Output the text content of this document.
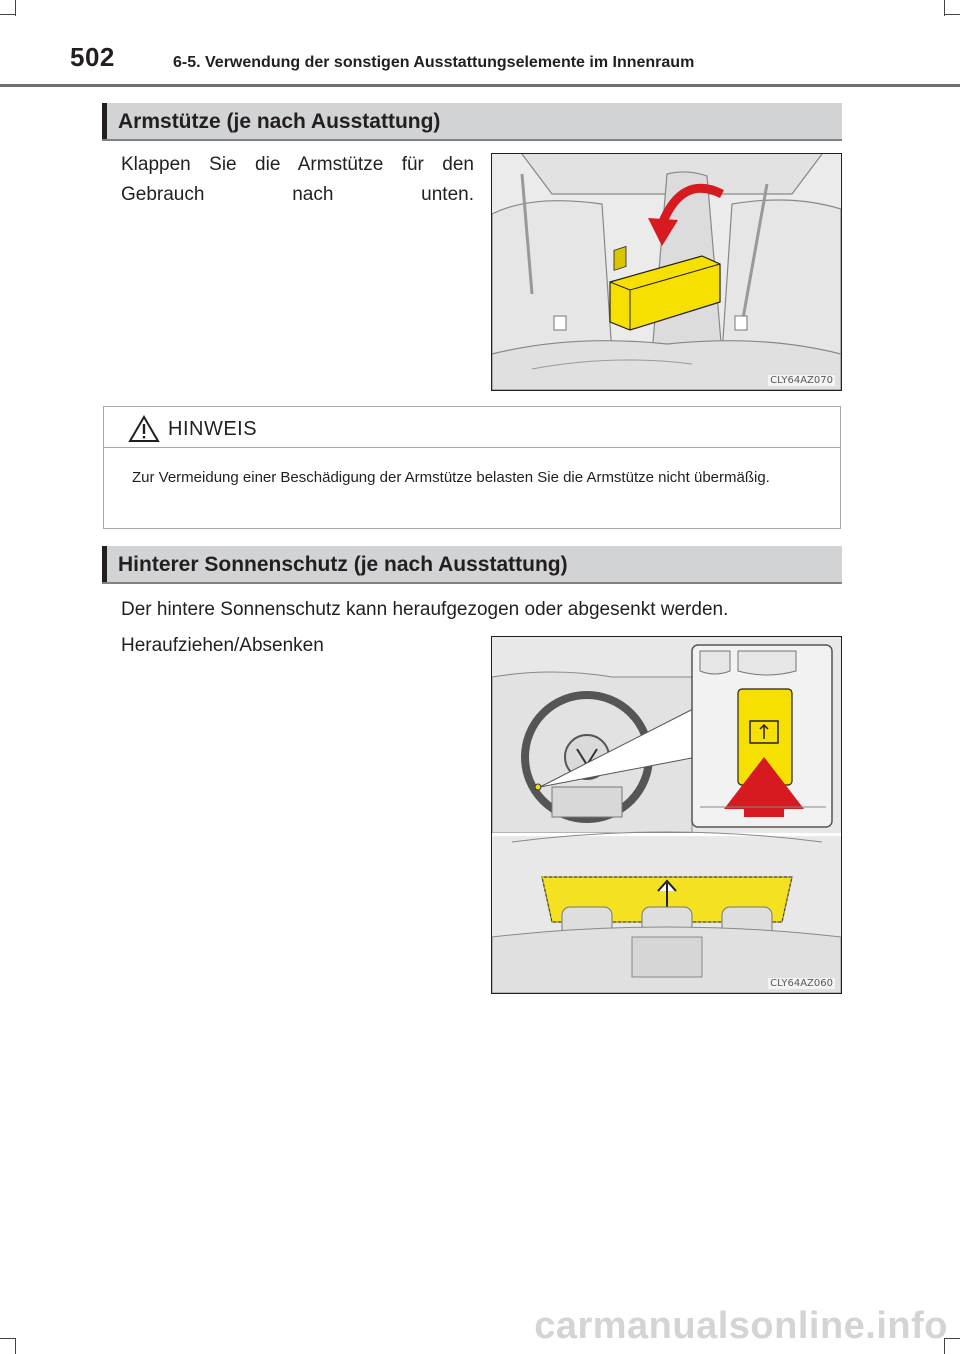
502	6-5. Verwendung der sonstigen Ausstattungselemente im Innenraum
Armstütze (je nach Ausstattung)
Klappen Sie die Armstütze für den Gebrauch nach unten.
CLY64AZ070
HINWEIS
Zur Vermeidung einer Beschädigung der Armstütze belasten Sie die Armstütze nicht übermäßig.
Hinterer Sonnenschutz (je nach Ausstattung)
Der hintere Sonnenschutz kann heraufgezogen oder abgesenkt werden.
Heraufziehen/Absenken
CLY64AZ060
carmanualsonline.info
